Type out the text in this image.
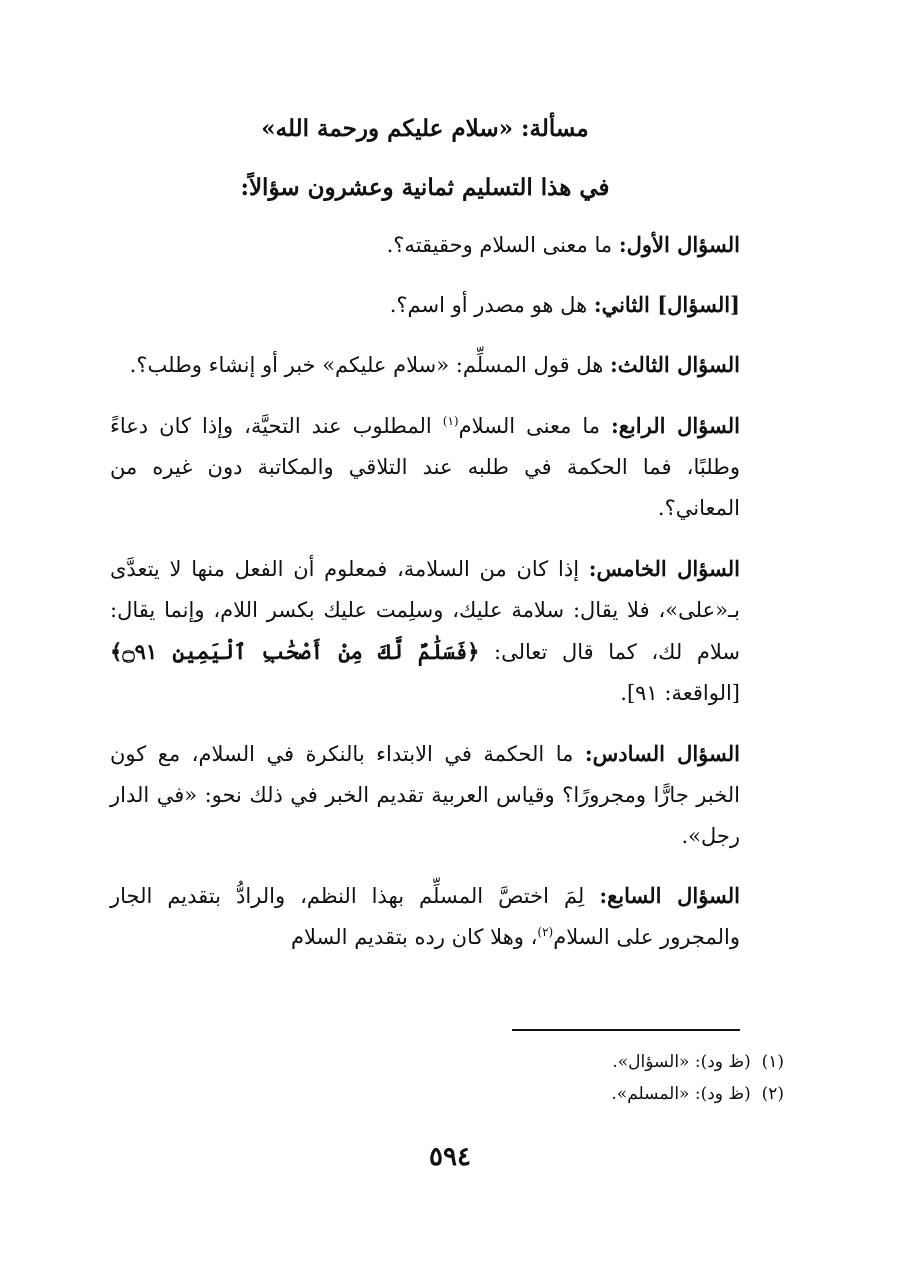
مسألة: «سلام عليكم ورحمة الله»

في هذا التسليم ثمانية وعشرون سؤالاً:

السؤال الأول: ما معنى السلام وحقيقته؟.

[السؤال] الثاني: هل هو مصدر أو اسم؟.

السؤال الثالث: هل قول المسلِّم: «سلام عليكم» خبر أو إنشاء وطلب؟.

السؤال الرابع: ما معنى السلام$^{(١)}$ المطلوب عند التحيَّة، وإذا كان دعاءً وطلبًا، فما الحكمة في طلبه عند التلاقي والمكاتبة دون غيره من المعاني؟.

السؤال الخامس: إذا كان من السلامة، فمعلوم أن الفعل منها لا يتعدَّى بـ«على»، فلا يقال: سلامة عليك، وسلِمت عليك بكسر اللام، وإنما يقال: سلام لك، كما قال تعالى: ﴿فَسَلَٰمٌ لَّكَ مِنْ أَصْحَٰبِ ٱلْيَمِينِ ۝٩١﴾ [الواقعة: ٩١].

السؤال السادس: ما الحكمة في الابتداء بالنكرة في السلام، مع كون الخبر جارًّا ومجرورًا؟ وقياس العربية تقديم الخبر في ذلك نحو: «في الدار رجل».

السؤال السابع: لِمَ اختصَّ المسلِّم بهذا النظم، والرادُّ بتقديم الجار والمجرور على السلام$^{(٢)}$، وهلا كان رده بتقديم السلام

(١)  (ظ ود): «السؤال».

(٢)  (ظ ود): «المسلم».

٥٩٤
